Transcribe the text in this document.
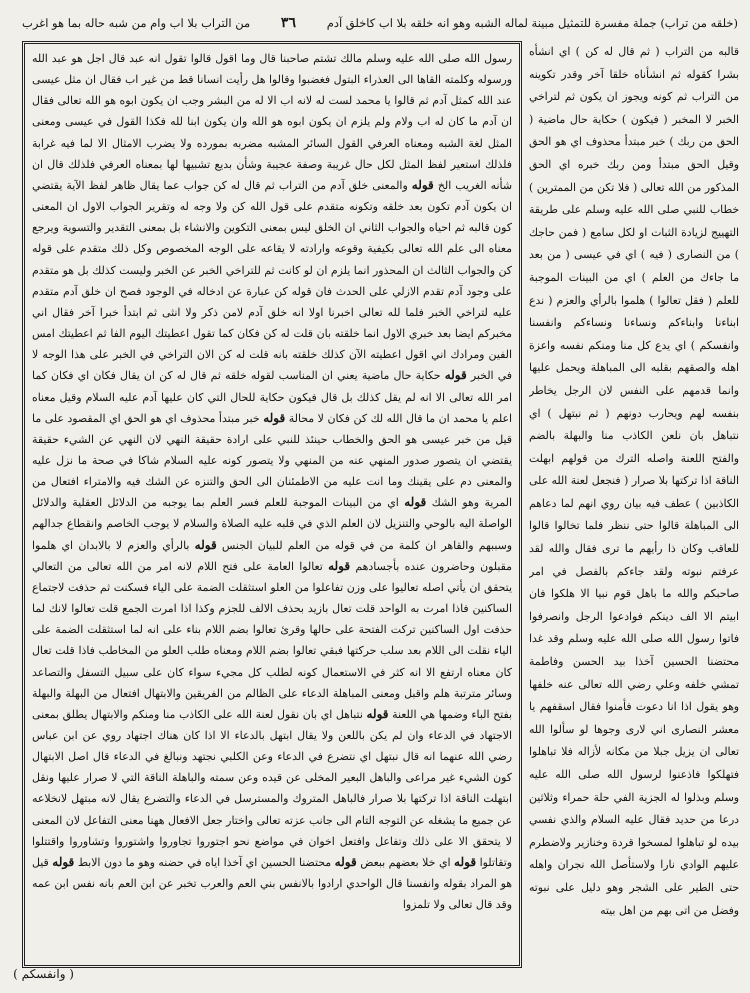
(خلقه من تراب) جملة مفسرة للتمثيل مبينة لماله الشبه وهو انه خلقه بلا اب كاخلق آدم
٣٦
من التراب بلا اب وام من شبه حاله بما هو اغرب
رسول الله صلى الله عليه وسلم مالك تشتم صاحبنا قال وما اقول قالوا تقول انه عبد قال اجل هو عبد الله ورسوله وكلمته القاها الى العذراء البتول فغضبوا وقالوا هل رأيت انسانا قط من غير اب فقال ان مثل عيسى عند الله كمثل آدم ثم قالوا يا محمد لست له لانه اب الا له من البشر وجب ان يكون ابوه هو الله تعالى فقال ان آدم ما كان له اب ولام ولم يلزم ان يكون ابوه هو الله وان يكون ابنا لله فكذا القول في عيسى ومعنى المثل لغة الشبه ومعناه العرفي القول السائر المشبه مضربه بمورده ولا يضرب الامثال الا لما فيه غرابة فلذلك استعير لفظ المثل لكل حال غريبة وصفة عجيبة وشأن بديع تشبيها لها بمعناه العرفي فلذلك قال ان شأنه الغريب الخ قوله والمعنى خلق آدم من التراب ثم قال له كن جواب عما يقال ظاهر لفظ الآية يقتضي ان يكون آدم تكون بعد خلقه وتكونه متقدم على قول الله كن ولا وجه له وتقرير الجواب الاول ان المعنى كون قالبه ثم احياه والجواب الثاني ان الخلق ليس بمعنى التكوين والانشاء بل بمعنى التقدير والتسوية ويرجع معناه الى علم الله تعالى بكيفية وقوعه وارادته لا يقاعه على الوجه المخصوص وكل ذلك متقدم على قوله كن والجواب الثالث ان المحذور انما يلزم ان لو كانت ثم للتراخي الخبر عن الخبر وليست كذلك بل هو متقدم على وجود آدم تقدم الازلي على الحدث فان قوله كن عبارة عن ادخاله في الوجود فصح ان خلق آدم متقدم عليه لتراخي الخبر فلما لله تعالى اخبرنا اولا انه خلق آدم لامن ذكر ولا انثى ثم ابتدأ خبرا آخر فقال اني مخبركم ايضا بعد خبري الاول انما خلقته بان قلت له كن فكان كما تقول اعطيتك اليوم الفا ثم اعطيتك امس الفين ومرادك اني اقول اعطيته الآن كذلك خلقته بانه قلت له كن الان التراخي في الخبر على هذا الوجه لا في الخبر قوله حكاية حال ماضية يعني ان المناسب لقوله خلقه ثم قال له كن ان يقال فكان اي فكان كما امر الله تعالى الا انه لم يقل كذلك بل قال فيكون حكاية للحال التي كان عليها آدم عليه السلام وقيل معناه اعلم يا محمد ان ما قال الله لك كن فكان لا محالة قوله خبر مبتدأ محذوف اي هو الحق اي المقصود على ما قيل من خبر عيسى هو الحق والخطاب حينئذ للنبي على ارادة حقيقة النهي لان النهي عن الشيء حقيقة يقتضي ان يتصور صدور المنهي عنه من المنهي ولا يتصور كونه عليه السلام شاكا في صحة ما نزل عليه والمعنى دم على يقينك وما انت عليه من الاطمئنان الى الحق والتنزه عن الشك فيه والامتراء افتعال من المرية وهو الشك قوله اي من البينات الموجبة للعلم فسر العلم بما يوجبه من الدلائل العقلية والدلائل الواصلة اليه بالوحي والتنزيل لان العلم الذي في قلبه عليه الصلاة والسلام لا يوجب الخاصم وانقطاع جدالهم وسببهم والقاهر ان كلمة من في قوله من العلم للبيان الجنس قوله بالرأي والعزم لا بالابدان اي هلموا مقبلون وحاضرون عنده بأجسادهم قوله تعالوا العامة على فتح اللام لانه امر من الله تعالى من التعالي يتحقق ان يأتي اصله تعاليوا على وزن تفاعلوا من العلو استثقلت الضمة على الياء فسكنت ثم حذفت لاجتماع الساكنين فاذا امرت به الواحد قلت تعال بازيد بحذف الالف للجزم وكذا اذا امرت الجمع قلت تعالوا لانك لما حذفت اول الساكنين تركت الفتحة على حالها وقرئ تعالوا بضم اللام بناء على انه لما استثقلت الضمة على الياء نقلت الى اللام بعد سلب حركتها فبقي تعالوا بضم اللام ومعناه طلب العلو من المخاطب فاذا قلت تعال كان معناه ارتفع الا انه كثر في الاستعمال كونه لطلب كل مجيء سواء كان على سبيل التسفل والتصاعد وسائر مترتبة هلم واقبل ومعنى المباهلة الدعاء على الظالم من الفريقين والابتهال افتعال من البهلة والبهلة بفتح الباء وضمها هي اللعنة قوله نتباهل اي بان نقول لعنة الله على الكاذب منا ومنكم والابتهال يطلق بمعنى الاجتهاد في الدعاء وان لم يكن باللعن ولا يقال ابتهل بالدعاء الا اذا كان هناك اجتهاد روي عن ابن عباس رضي الله عنهما انه قال نبتهل اي نتضرع في الدعاء وعن الكلبي نجتهد ونبالغ في الدعاء قال اصل الابتهال كون الشيء غير مراعى والباهل البعير المخلى عن قيده وعن سمته والباهلة الناقة التي لا صرار عليها ونقل ابتهلت الناقة اذا تركتها بلا صرار فالباهل المتروك والمسترسل في الدعاء والتضرع يقال لانه مبتهل لانخلاعه عن جميع ما يشغله عن التوجه التام الى جانب عزته تعالى واختار جعل الافعال ههنا معنى التفاعل لان المعنى لا يتحقق الا على ذلك وتفاعل وافتعل اخوان في مواضع نحو اجتوروا تجاوروا واشتوروا وتشاوروا واقتتلوا وتقاتلوا قوله اي خلا بعضهم ببعض قوله محتضنا الحسين اي آخذا اياه في حضنه وهو ما دون الابط قوله قيل هو المراد بقوله وانفسنا قال الواحدي ارادوا بالانفس بني العم والعرب تخبر عن ابن العم بانه نفس ابن عمه وقد قال تعالى ولا تلمزوا
قالبه من التراب ( ثم قال له كن ) اي انشأه بشرا كقوله ثم انشأناه خلقا آخر وقدر تكوينه من التراب ثم كونه ويجوز ان يكون ثم لتراخي الخبر لا المخبر ( فيكون ) حكاية حال ماضية ( الحق من ربك ) خبر مبتدأ محذوف اي هو الحق وقيل الحق مبتدأ ومن ربك خبره اي الحق المذكور من الله تعالى ( فلا تكن من الممترين ) خطاب للنبي صلى الله عليه وسلم على طريقة التهييج لزيادة الثبات او لكل سامع ( فمن حاجك ) من النصارى ( فيه ) اي في عيسى ( من بعد ما جاءك من العلم ) اي من البينات الموجبة للعلم ( فقل تعالوا ) هلموا بالرأي والعزم ( ندع ابناءنا وابناءكم ونساءنا ونساءكم وانفسنا وانفسكم ) اي يدع كل منا ومنكم نفسه واعزة اهله والصقهم بقلبه الى المباهلة ويحمل عليها وانما قدمهم على النفس لان الرجل يخاطر بنفسه لهم ويحارب دونهم ( ثم نبتهل ) اي نتباهل بان نلعن الكاذب منا والبهلة بالضم والفتح اللعنة واصله الترك من قولهم ابهلت الناقة اذا تركتها بلا صرار ( فنجعل لعنة الله على الكاذبين ) عطف فيه بيان روي انهم لما دعاهم الى المباهلة قالوا حتى ننظر فلما تخالوا قالوا للعاقب وكان ذا رأيهم ما ترى فقال والله لقد عرفتم نبوته ولقد جاءكم بالفصل في امر صاحبكم والله ما باهل قوم نبيا الا هلكوا فان ابيتم الا الف دينكم فوادعوا الرجل وانصرفوا فاتوا رسول الله صلى الله عليه وسلم وقد غدا محتضنا الحسين آخذا بيد الحسن وفاطمة تمشي خلفه وعلي رضي الله تعالى عنه خلفها وهو يقول اذا انا دعوت فأمنوا فقال اسقفهم يا معشر النصارى اني لارى وجوها لو سألوا الله تعالى ان يزيل جبلا من مكانه لأزاله فلا تباهلوا فتهلكوا فاذعنوا لرسول الله صلى الله عليه وسلم وبذلوا له الجزية الفي حلة حمراء وثلاثين درعا من حديد فقال عليه السلام والذي نفسي بيده لو تباهلوا لمسخوا قردة وخنازير ولاضطرم عليهم الوادي نارا ولاستأصل الله نجران واهله حتى الطير على الشجر وهو دليل على نبوته وفضل من اتى بهم من اهل بيته
( وانفسكم )
